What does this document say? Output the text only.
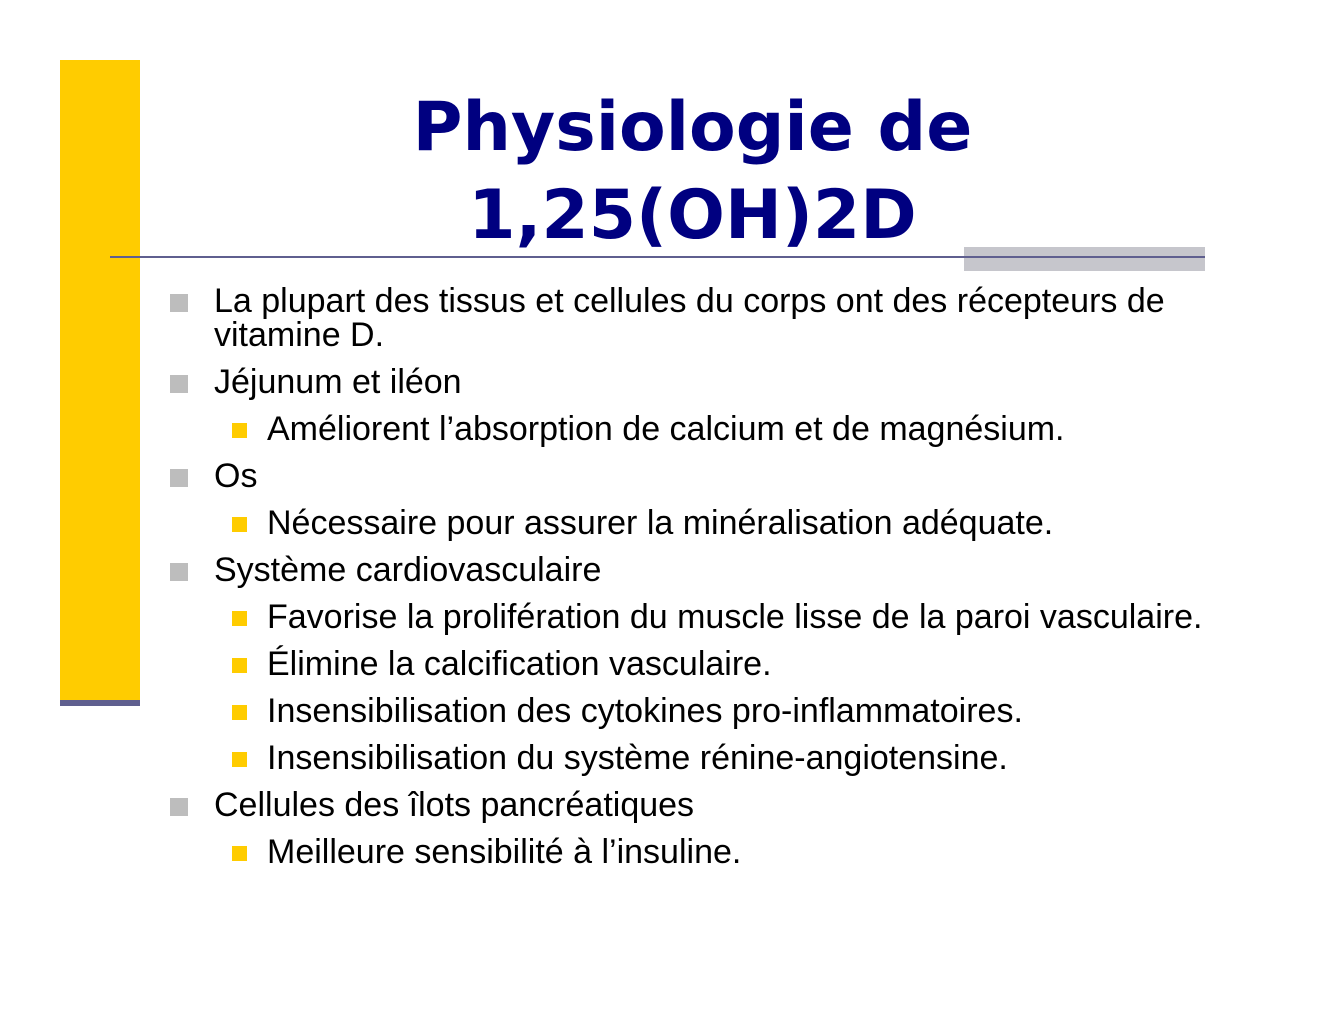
Physiologie de
1,25(OH)2D
La plupart des tissus et cellules du corps ont des récepteurs de vitamine D.
Jéjunum et iléon
Améliorent l’absorption de calcium et de magnésium.
Os
Nécessaire pour assurer la minéralisation adéquate.
Système cardiovasculaire
Favorise la prolifération du muscle lisse de la paroi vasculaire.
Élimine la calcification vasculaire.
Insensibilisation des cytokines pro-inflammatoires.
Insensibilisation du système rénine-angiotensine.
Cellules des îlots pancréatiques
Meilleure sensibilité à l’insuline.
